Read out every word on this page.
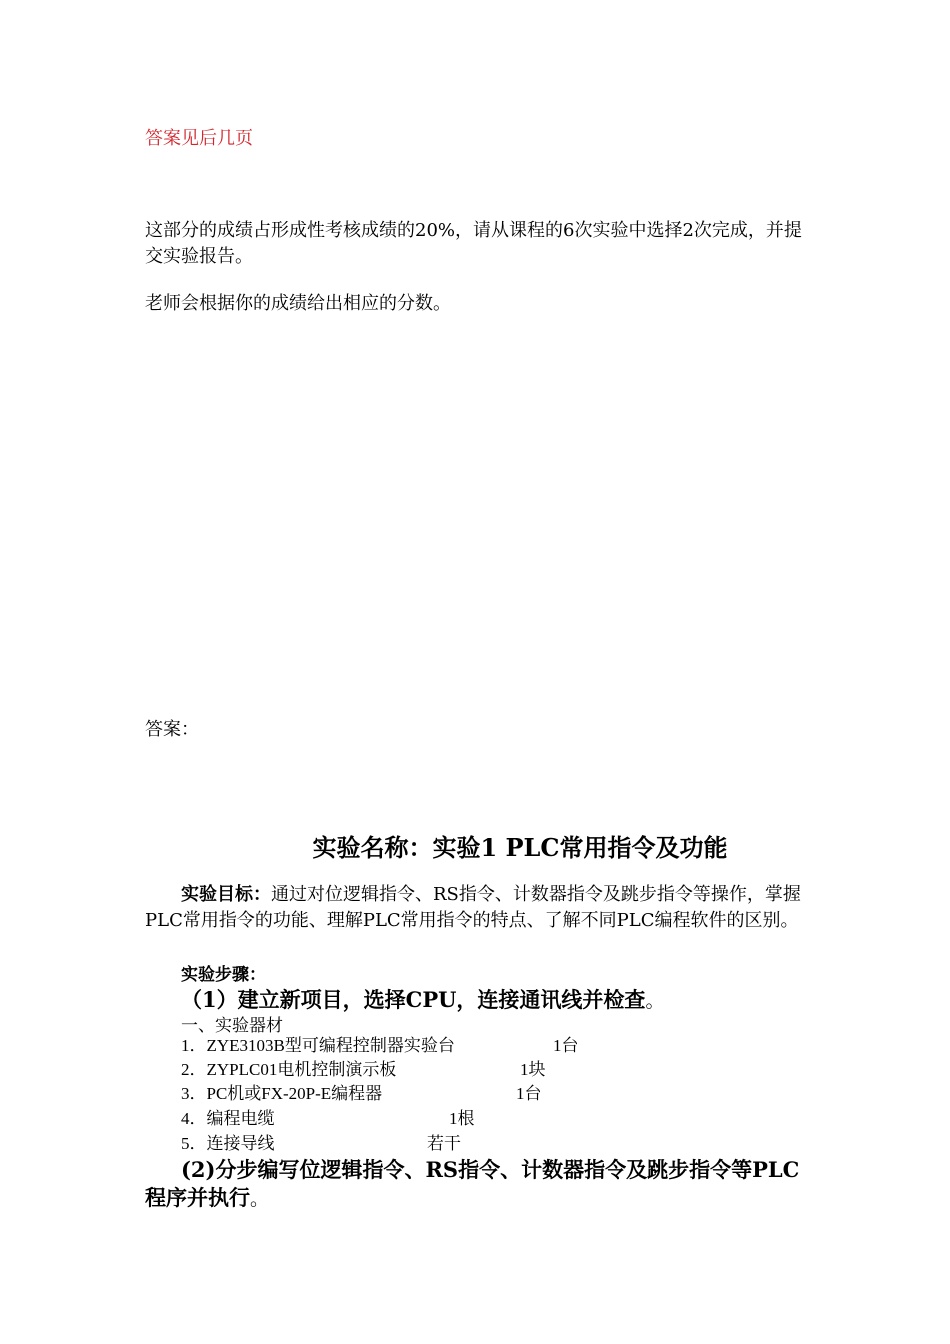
答案见后几页
这部分的成绩占形成性考核成绩的20%，请从课程的6次实验中选择2次完成，并提交实验报告。
老师会根据你的成绩给出相应的分数。
答案：
实验名称：实验1 PLC常用指令及功能
实验目标：通过对位逻辑指令、RS指令、计数器指令及跳步指令等操作，掌握PLC常用指令的功能、理解PLC常用指令的特点、了解不同PLC编程软件的区别。
实验步骤：
（1）建立新项目，选择CPU，连接通讯线并检查。
一、实验器材
1．ZYE3103B型可编程控制器实验台	1台
2．ZYPLC01电机控制演示板	1块
3．PC机或FX-20P-E编程器	1台
4．编程电缆	1根
5．连接导线	若干
(2)分步编写位逻辑指令、RS指令、计数器指令及跳步指令等PLC程序并执行。
